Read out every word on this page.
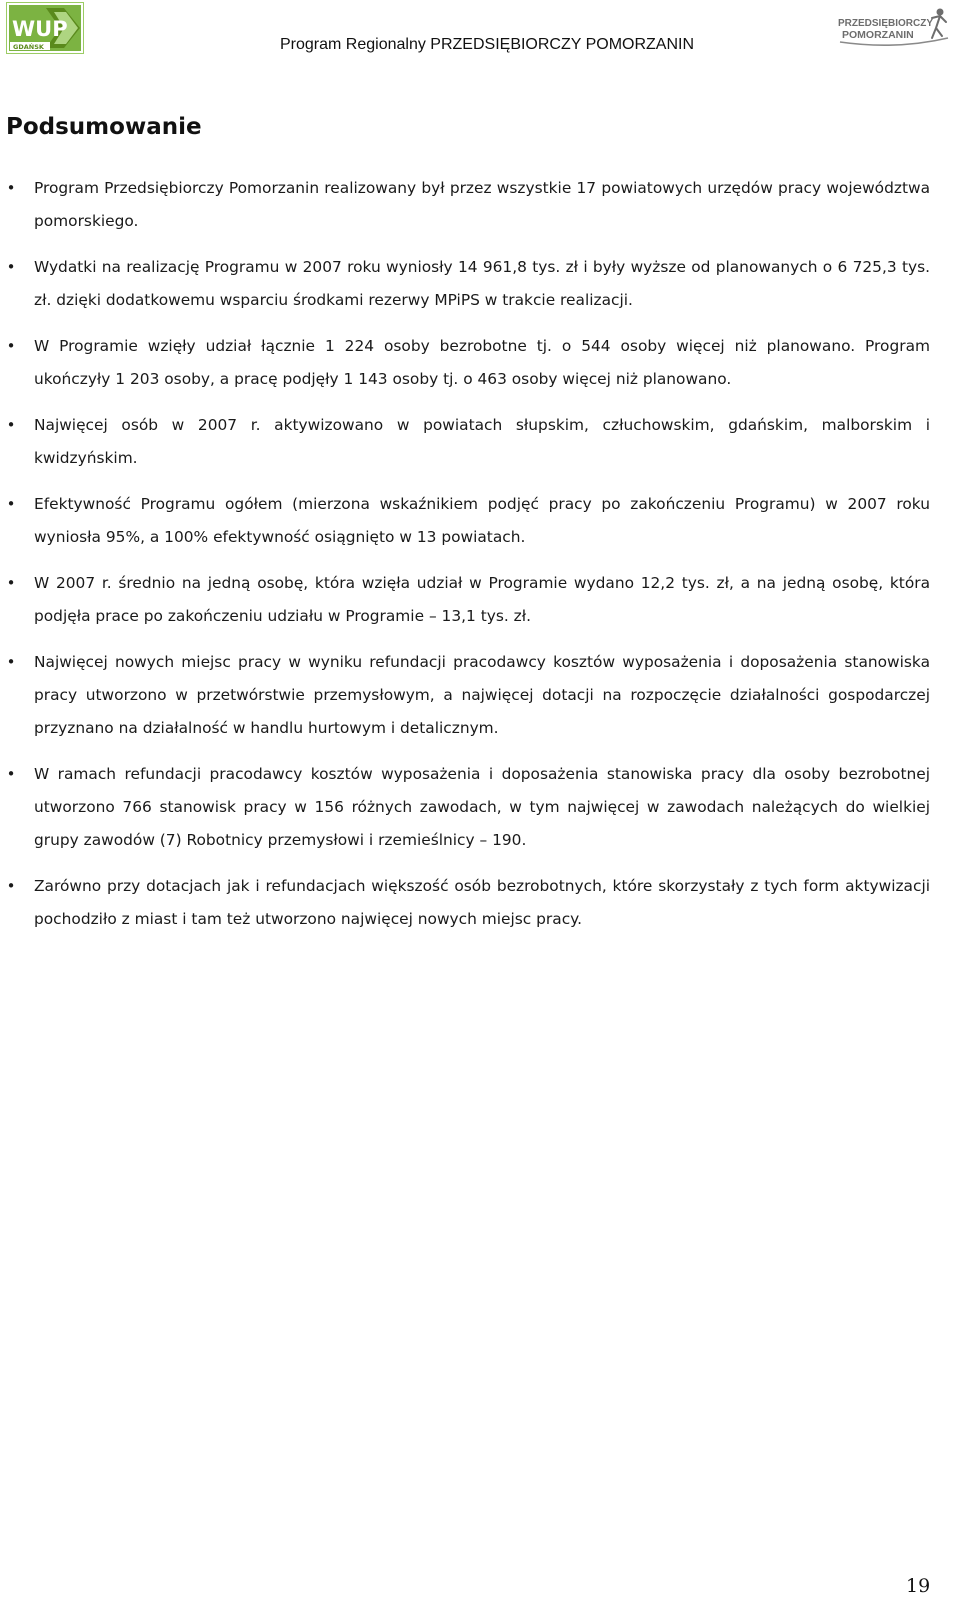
WUP
GDAŃSK	Program Regionalny PRZEDSIĘBIORCZY POMORZANIN
PRZEDSIĘBIORCZY
POMORZANIN
Podsumowanie
• Program Przedsiębiorczy Pomorzanin realizowany był przez wszystkie 17 powiatowych urzędów pracy województwa pomorskiego.
• Wydatki na realizację Programu w 2007 roku wyniosły 14 961,8 tys. zł i były wyższe od planowanych o 6 725,3 tys. zł. dzięki dodatkowemu wsparciu środkami rezerwy MPiPS w trakcie realizacji.
• W Programie wzięły udział łącznie 1 224 osoby bezrobotne tj. o 544 osoby więcej niż planowano. Program ukończyły 1 203 osoby, a pracę podjęły 1 143 osoby tj. o 463 osoby więcej niż planowano.
• Najwięcej osób w 2007 r. aktywizowano w powiatach słupskim, człuchowskim, gdańskim, malborskim i kwidzyńskim.
• Efektywność Programu ogółem (mierzona wskaźnikiem podjęć pracy po zakończeniu Programu) w 2007 roku wyniosła 95%, a 100% efektywność osiągnięto w 13 powiatach.
• W 2007 r. średnio na jedną osobę, która wzięła udział w Programie wydano 12,2 tys. zł, a na jedną osobę, która podjęła prace po zakończeniu udziału w Programie – 13,1 tys. zł.
• Najwięcej nowych miejsc pracy w wyniku refundacji pracodawcy kosztów wyposażenia i doposażenia stanowiska pracy utworzono w przetwórstwie przemysłowym, a najwięcej dotacji na rozpoczęcie działalności gospodarczej przyznano na działalność w handlu hurtowym i detalicznym.
• W ramach refundacji pracodawcy kosztów wyposażenia i doposażenia stanowiska pracy dla osoby bezrobotnej utworzono 766 stanowisk pracy w 156 różnych zawodach, w tym najwięcej w zawodach należących do wielkiej grupy zawodów (7) Robotnicy przemysłowi i rzemieślnicy – 190.
• Zarówno przy dotacjach jak i refundacjach większość osób bezrobotnych, które skorzystały z tych form aktywizacji pochodziło z miast i tam też utworzono najwięcej nowych miejsc pracy.
19
